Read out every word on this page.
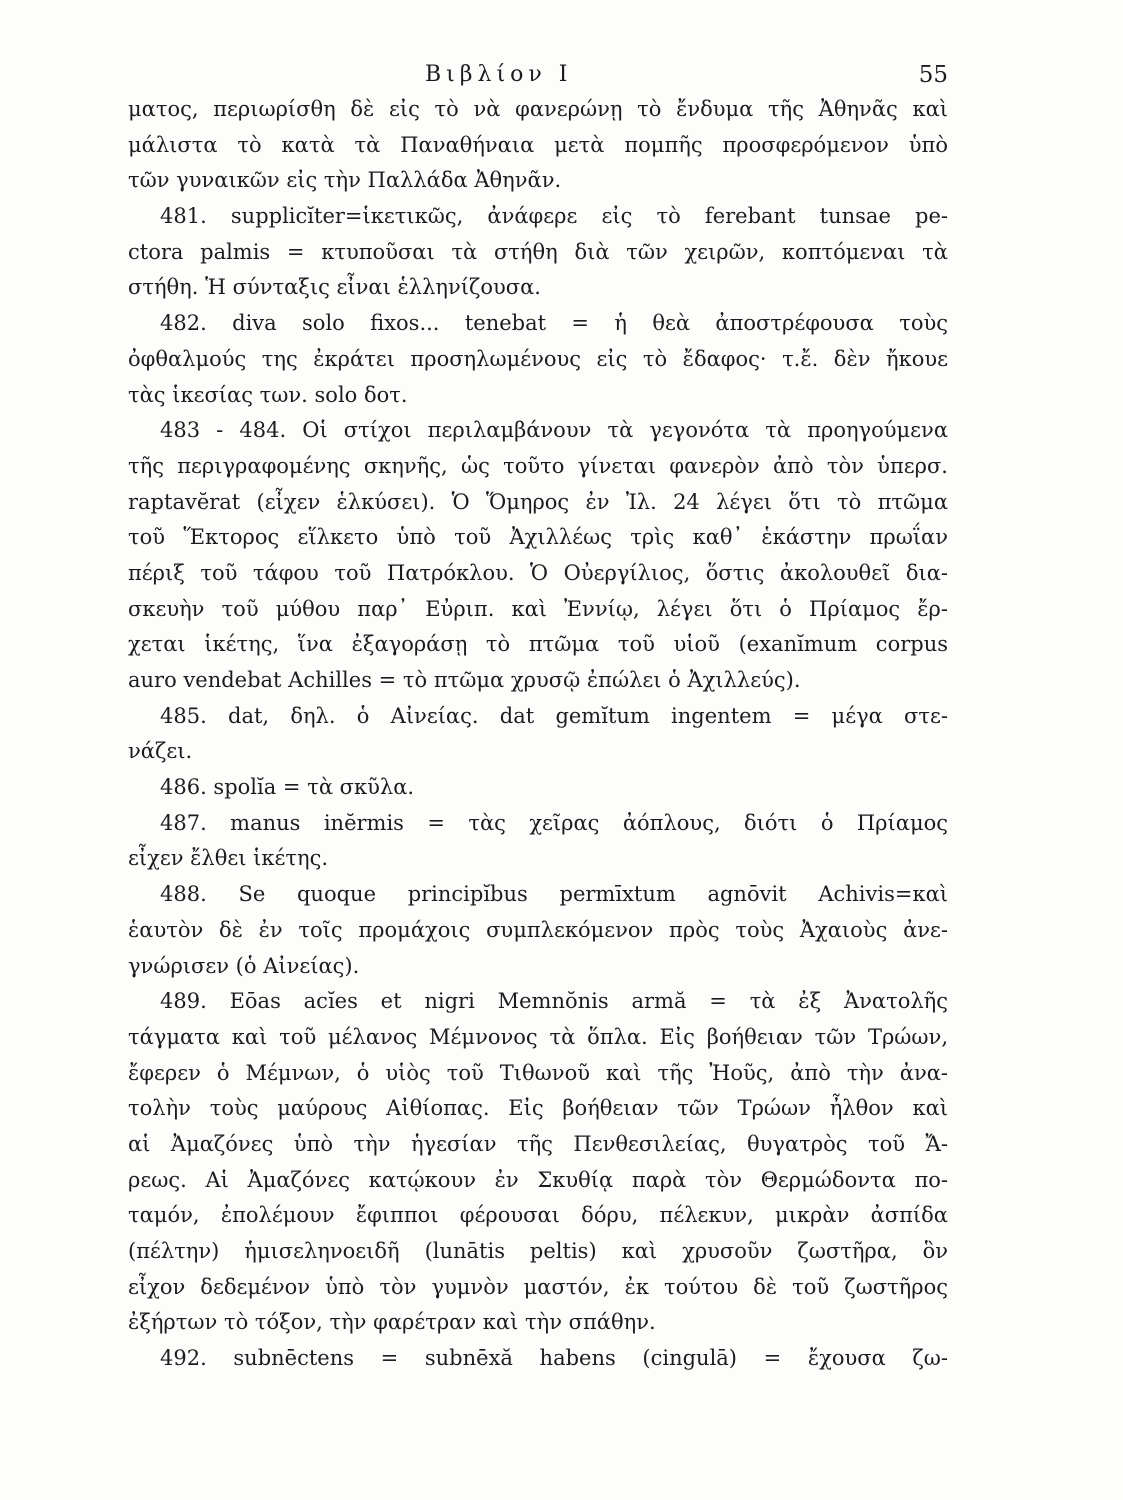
Βιβλίον I	55
ματος, περιωρίσθη δὲ εἰς τὸ νὰ φανερώνῃ τὸ ἔνδυμα τῆς Ἀθηνᾶς καὶ
μάλιστα τὸ κατὰ τὰ Παναθήναια μετὰ πομπῆς προσφερόμενον ὑπὸ
τῶν γυναικῶν εἰς τὴν Παλλάδα Ἀθηνᾶν.
481. supplicĭter=ἱκετικῶς, ἀνάφερε εἰς τὸ ferebant tunsae pe-
ctora palmis = κτυποῦσαι τὰ στήθη διὰ τῶν χειρῶν, κοπτόμεναι τὰ
στήθη. Ἡ σύνταξις εἶναι ἑλληνίζουσα.
482. diva solo fixos... tenebat = ἡ θεὰ ἀποστρέφουσα τοὺς
ὀφθαλμούς της ἐκράτει προσηλωμένους εἰς τὸ ἔδαφος· τ.ἔ. δὲν ἤκουε
τὰς ἱκεσίας των. solo δοτ.
483 - 484. Οἱ στίχοι περιλαμβάνουν τὰ γεγονότα τὰ προηγούμενα
τῆς περιγραφομένης σκηνῆς, ὡς τοῦτο γίνεται φανερὸν ἀπὸ τὸν ὑπερσ.
raptavĕrat (εἶχεν ἑλκύσει). Ὁ Ὅμηρος ἐν Ἰλ. 24 λέγει ὅτι τὸ πτῶμα
τοῦ Ἕκτορος εἵλκετο ὑπὸ τοῦ Ἀχιλλέως τρὶς καθ᾽ ἑκάστην πρωΐαν
πέριξ τοῦ τάφου τοῦ Πατρόκλου. Ὁ Οὐεργίλιος, ὅστις ἀκολουθεῖ δια-
σκευὴν τοῦ μύθου παρ᾽ Εὐριπ. καὶ Ἐννίῳ, λέγει ὅτι ὁ Πρίαμος ἔρ-
χεται ἱκέτης, ἵνα ἐξαγοράσῃ τὸ πτῶμα τοῦ υἱοῦ (exanĭmum corpus
auro vendebat Achilles = τὸ πτῶμα χρυσῷ ἐπώλει ὁ Ἀχιλλεύς).
485. dat, δηλ. ὁ Αἰνείας. dat gemĭtum ingentem = μέγα στε-
νάζει.
486. spolĭa = τὰ σκῦλα.
487. manus inĕrmis = τὰς χεῖρας ἀόπλους, διότι ὁ Πρίαμος
εἶχεν ἔλθει ἱκέτης.
488. Se quoque principĭbus permīxtum agnōvit Achivis=καὶ
ἑαυτὸν δὲ ἐν τοῖς προμάχοις συμπλεκόμενον πρὸς τοὺς Ἀχαιοὺς ἀνε-
γνώρισεν (ὁ Αἰνείας).
489. Eōas acĭes et nigri Memnŏnis armă = τὰ ἐξ Ἀνατολῆς
τάγματα καὶ τοῦ μέλανος Μέμνονος τὰ ὅπλα. Εἰς βοήθειαν τῶν Τρώων,
ἔφερεν ὁ Μέμνων, ὁ υἱὸς τοῦ Τιθωνοῦ καὶ τῆς Ἠοῦς, ἀπὸ τὴν ἀνα-
τολὴν τοὺς μαύρους Αἰθίοπας. Εἰς βοήθειαν τῶν Τρώων ἦλθον καὶ
αἱ Ἀμαζόνες ὑπὸ τὴν ἡγεσίαν τῆς Πενθεσιλείας, θυγατρὸς τοῦ Ἄ-
ρεως. Αἱ Ἀμαζόνες κατῴκουν ἐν Σκυθίᾳ παρὰ τὸν Θερμώδοντα πο-
ταμόν, ἐπολέμουν ἔφιπποι φέρουσαι δόρυ, πέλεκυν, μικρὰν ἀσπίδα
(πέλτην) ἡμισεληνοειδῆ (lunātis peltis) καὶ χρυσοῦν ζωστῆρα, ὃν
εἶχον δεδεμένον ὑπὸ τὸν γυμνὸν μαστόν, ἐκ τούτου δὲ τοῦ ζωστῆρος
ἐξήρτων τὸ τόξον, τὴν φαρέτραν καὶ τὴν σπάθην.
492. subnēctens = subnēxă habens (cingulā) = ἔχουσα ζω-
